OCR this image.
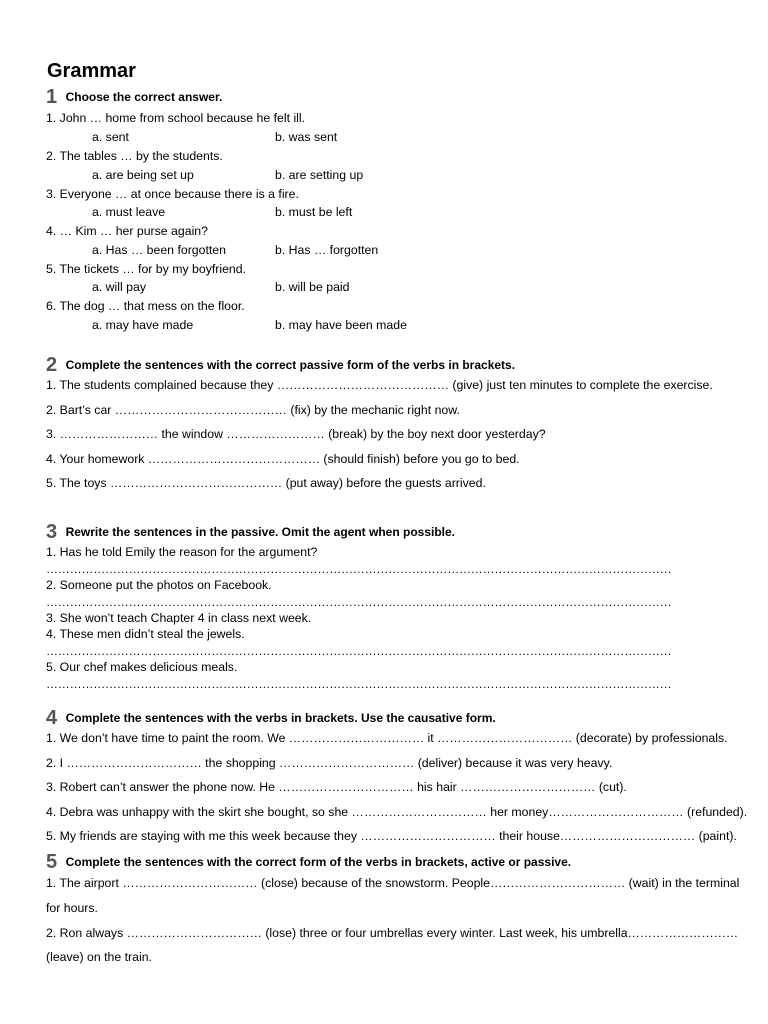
Grammar
1 Choose the correct answer.
1. John … home from school because he felt ill.
a. sent	b. was sent
2. The tables … by the students.
a. are being set up	b. are setting up
3. Everyone … at once because there is a fire.
a. must leave	b. must be left
4. … Kim … her purse again?
a. Has … been forgotten	b. Has … forgotten
5. The tickets … for by my boyfriend.
a. will pay	b. will be paid
6. The dog … that mess on the floor.
a. may have made	b. may have been made
2 Complete the sentences with the correct passive form of the verbs in brackets.
1. The students complained because they …………………………………… (give) just ten minutes to complete the exercise.
2. Bart’s car …………………………………… (fix) by the mechanic right now.
3. …………………… the window …………………… (break) by the boy next door yesterday?
4. Your homework …………………………………… (should finish) before you go to bed.
5. The toys …………………………………… (put away) before the guests arrived.
3 Rewrite the sentences in the passive. Omit the agent when possible.
1. Has he told Emily the reason for the argument?
……………………………………………………………………………………………………………………………………………
2. Someone put the photos on Facebook.
……………………………………………………………………………………………………………………………………………
3. She won’t teach Chapter 4 in class next week.
4. These men didn’t steal the jewels.
……………………………………………………………………………………………………………………………………………
5. Our chef makes delicious meals.
……………………………………………………………………………………………………………………………………………
4 Complete the sentences with the verbs in brackets. Use the causative form.
1. We don’t have time to paint the room. We …………………………… it …………………………… (decorate) by professionals.
2. I …………………………… the shopping …………………………… (deliver) because it was very heavy.
3. Robert can’t answer the phone now. He …………………………… his hair …………………………… (cut).
4. Debra was unhappy with the skirt she bought, so she …………………………… her money…………………………… (refunded).
5. My friends are staying with me this week because they …………………………… their house…………………………… (paint).
5 Complete the sentences with the correct form of the verbs in brackets, active or passive.
1. The airport …………………………… (close) because of the snowstorm. People…………………………… (wait) in the terminal
for hours.
2. Ron always …………………………… (lose) three or four umbrellas every winter. Last week, his umbrella………………………
(leave) on the train.
